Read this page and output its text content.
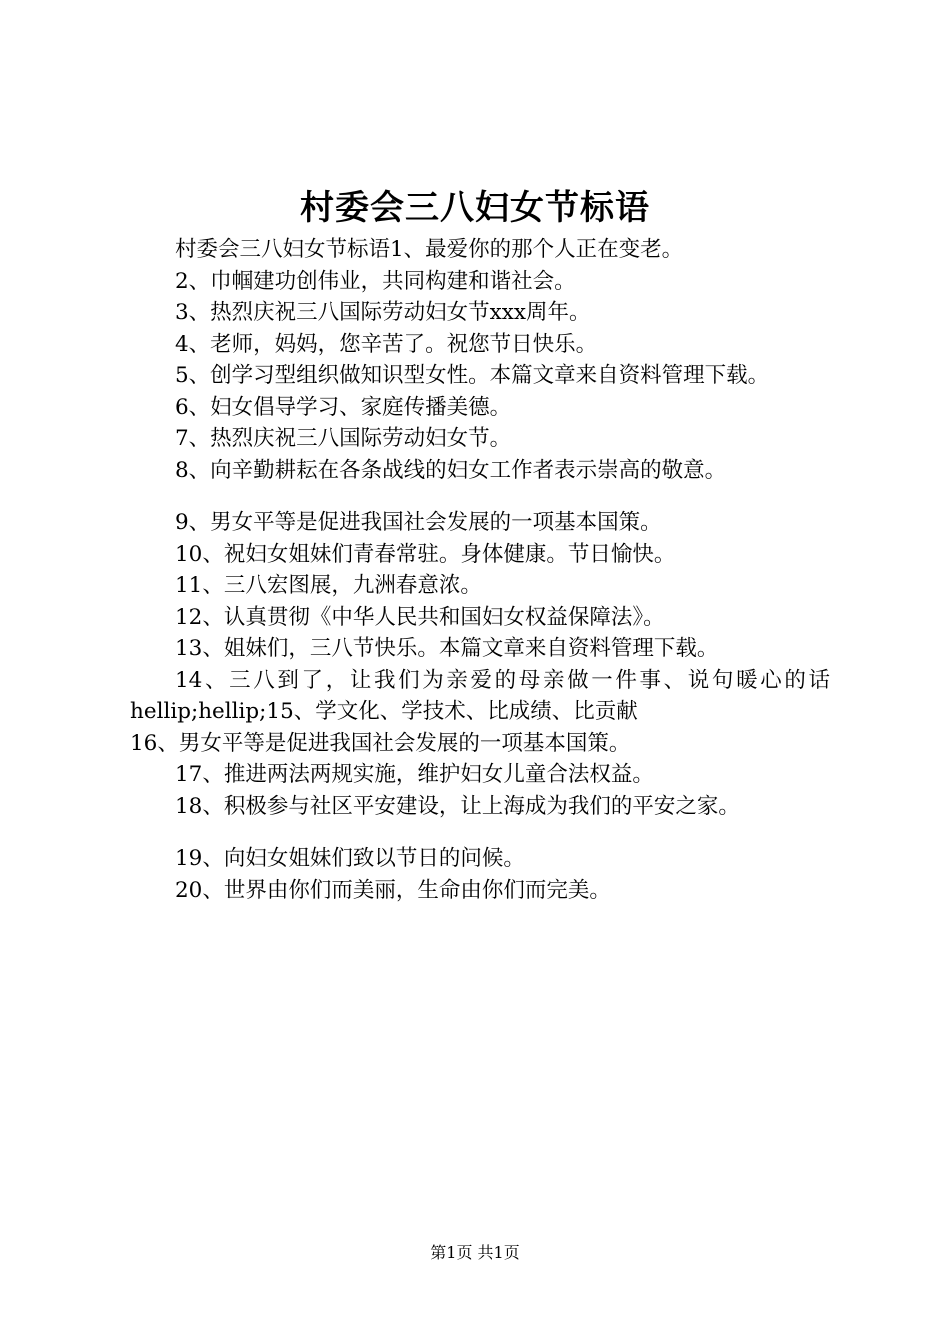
村委会三八妇女节标语

村委会三八妇女节标语1、最爱你的那个人正在变老。

2、巾帼建功创伟业，共同构建和谐社会。

3、热烈庆祝三八国际劳动妇女节xxx周年。

4、老师，妈妈，您辛苦了。祝您节日快乐。

5、创学习型组织做知识型女性。本篇文章来自资料管理下载。

6、妇女倡导学习、家庭传播美德。

7、热烈庆祝三八国际劳动妇女节。

8、向辛勤耕耘在各条战线的妇女工作者表示崇高的敬意。

9、男女平等是促进我国社会发展的一项基本国策。

10、祝妇女姐妹们青春常驻。身体健康。节日愉快。

11、三八宏图展，九洲春意浓。

12、认真贯彻《中华人民共和国妇女权益保障法》。

13、姐妹们，三八节快乐。本篇文章来自资料管理下载。

14、三八到了，让我们为亲爱的母亲做一件事、说句暖心的话hellip;hellip;15、学文化、学技术、比成绩、比贡献

16、男女平等是促进我国社会发展的一项基本国策。

17、推进两法两规实施，维护妇女儿童合法权益。

18、积极参与社区平安建设，让上海成为我们的平安之家。

19、向妇女姐妹们致以节日的问候。

20、世界由你们而美丽，生命由你们而完美。

第1页 共1页
